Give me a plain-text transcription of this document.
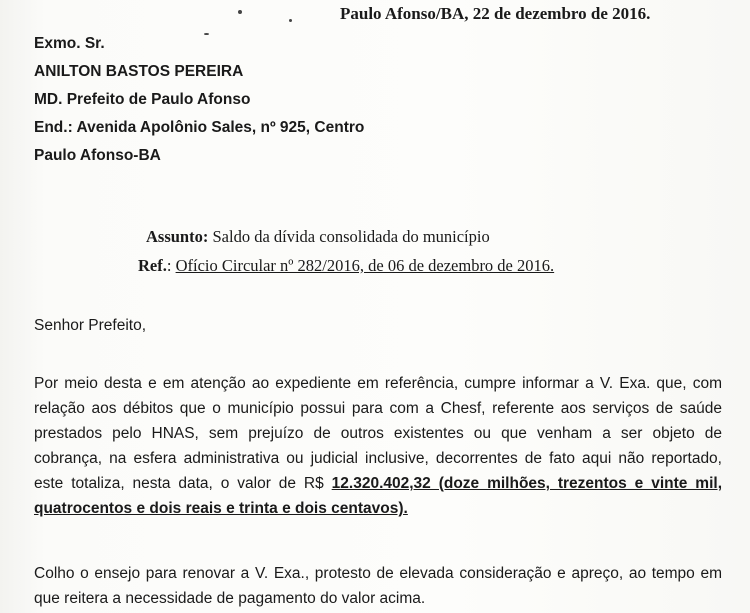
Paulo Afonso/BA, 22 de dezembro de 2016.
Exmo. Sr.
ANILTON BASTOS PEREIRA
MD. Prefeito de Paulo Afonso
End.: Avenida Apolônio Sales, nº 925, Centro
Paulo Afonso-BA
Assunto: Saldo da dívida consolidada do município
Ref.: Ofício Circular nº 282/2016, de 06 de dezembro de 2016.
Senhor Prefeito,
Por meio desta e em atenção ao expediente em referência, cumpre informar a V. Exa. que, com
relação aos débitos que o município possui para com a Chesf, referente aos serviços de saúde
prestados pelo HNAS, sem prejuízo de outros existentes ou que venham a ser objeto de
cobrança, na esfera administrativa ou judicial inclusive, decorrentes de fato aqui não reportado,
este totaliza, nesta data, o valor de R$ 12.320.402,32 (doze milhões, trezentos e vinte mil,
quatrocentos e dois reais e trinta e dois centavos).
Colho o ensejo para renovar a V. Exa., protesto de elevada consideração e apreço, ao tempo em
que reitera a necessidade de pagamento do valor acima.
